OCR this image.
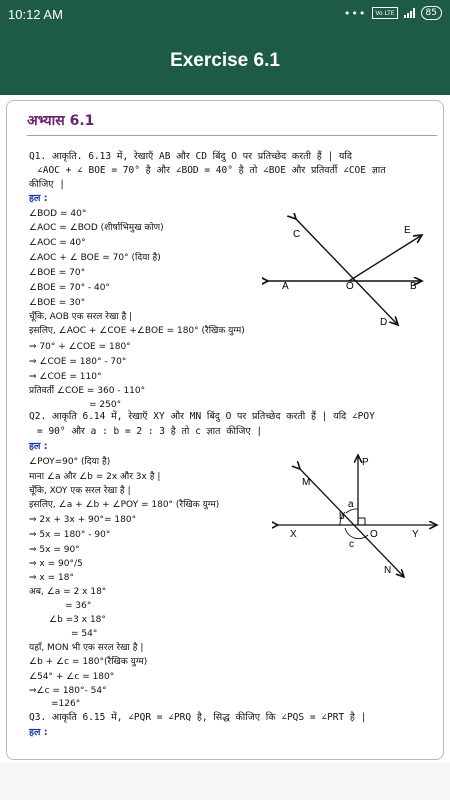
10:12 AM	•••	Vo LTE	85
Exercise 6.1
अभ्यास 6.1
Q1. आकृति. 6.13 में, रेखाएँ AB और CD बिंदु O पर प्रतिच्छेद करती हैं | यदि
∠AOC + ∠ BOE = 70° है और ∠BOD = 40° है तो ∠BOE और प्रतिवर्ती ∠COE ज्ञात
कीजिए |
हल :
∠BOD = 40°
∠AOC = ∠BOD (शीर्षाभिमुख कोण)
∠AOC = 40°
∠AOC + ∠ BOE = 70° (दिया है)
∠BOE = 70°
∠BOE = 70° - 40°
∠BOE = 30°
चूँकि, AOB एक सरल रेखा है |
इसलिए, ∠AOC + ∠COE +∠BOE = 180° (रैखिक युग्म)
⇒ 70° + ∠COE = 180°
⇒ ∠COE = 180° - 70°
⇒ ∠COE = 110°
प्रतिवर्ती ∠COE = 360 - 110°
= 250°
C	E
A	O	B
D
Q2. आकृति 6.14 में, रेखाएँ XY और MN बिंदु O पर प्रतिच्छेद करती हैं | यदि ∠POY
= 90° और a : b = 2 : 3 है तो c ज्ञात कीजिए |
हल :
∠POY=90° (दिया है)
माना ∠a और ∠b = 2x और 3x है |
चूँकि, XOY एक सरल रेखा है |
इसलिए, ∠a + ∠b + ∠POY = 180° (रैखिक युग्म)
⇒ 2x + 3x + 90°= 180°
⇒ 5x = 180° - 90°
⇒ 5x = 90°
⇒ x = 90°/5
⇒ x = 18°
अब, ∠a = 2 x 18°
= 36°
∠b =3 x 18°
= 54°
यहाँ, MON भी एक सरल रेखा है |
∠b + ∠c = 180°(रैखिक युग्म)
∠54° + ∠c = 180°
⇒∠c = 180°- 54°
=126°
P
M
a
b
X	O	Y
c
N
Q3. आकृति 6.15 में, ∠PQR = ∠PRQ है, सिद्ध कीजिए कि ∠PQS = ∠PRT है |
हल :
